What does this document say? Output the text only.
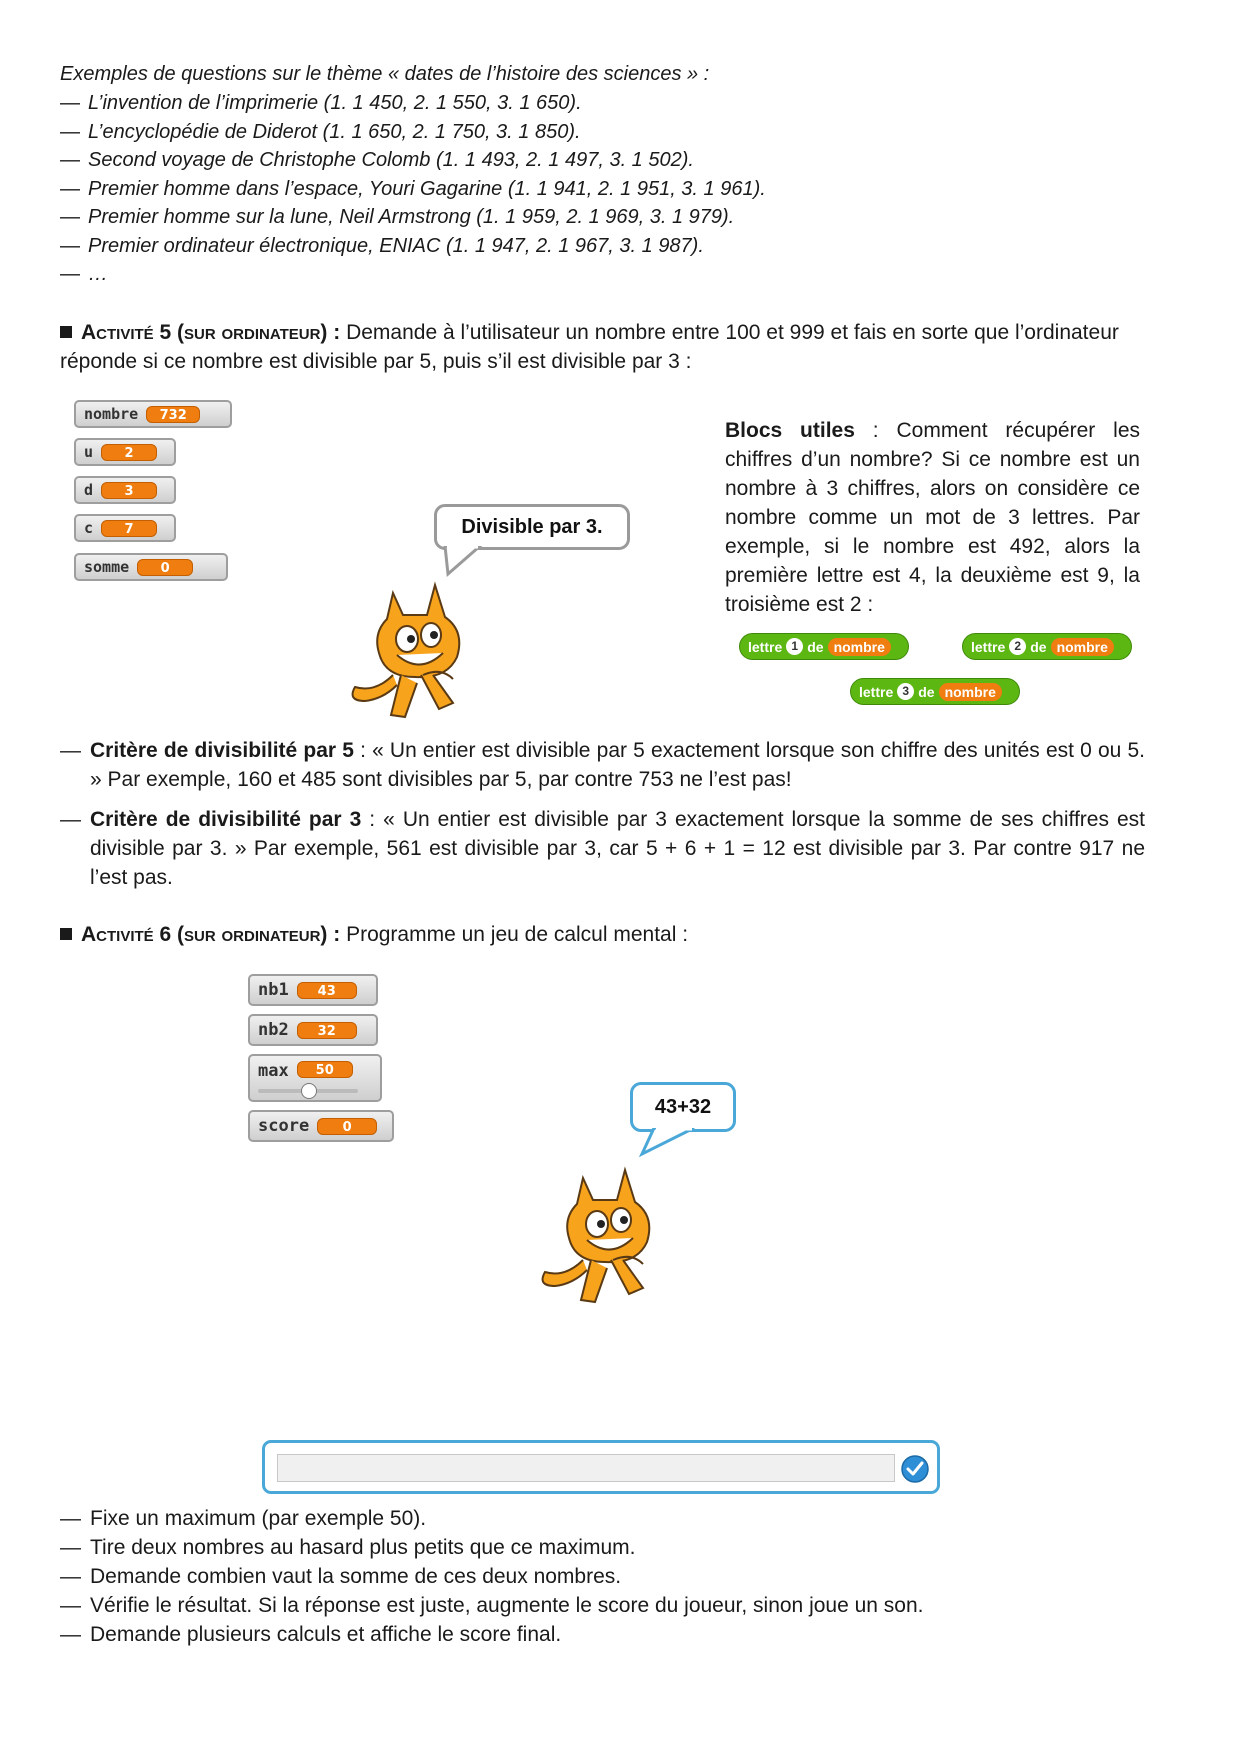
Exemples de questions sur le thème « dates de l’histoire des sciences » :
— L’invention de l’imprimerie (1. 1 450, 2. 1 550, 3. 1 650).
— L’encyclopédie de Diderot (1. 1 650, 2. 1 750, 3. 1 850).
— Second voyage de Christophe Colomb (1. 1 493, 2. 1 497, 3. 1 502).
— Premier homme dans l’espace, Youri Gagarine (1. 1 941, 2. 1 951, 3. 1 961).
— Premier homme sur la lune, Neil Armstrong (1. 1 959, 2. 1 969, 3. 1 979).
— Premier ordinateur électronique, ENIAC (1. 1 947, 2. 1 967, 3. 1 987).
— …
Activité 5 (sur ordinateur) : Demande à l’utilisateur un nombre entre 100 et 999 et fais en sorte que l’ordinateur réponde si ce nombre est divisible par 5, puis s’il est divisible par 3 :
nombre	732
u	2
d	3
c	7
somme	0
Divisible par 3.
Blocs utiles : Comment récupérer les chiffres d’un nombre? Si ce nombre est un nombre à 3 chiffres, alors on considère ce nombre comme un mot de 3 lettres. Par exemple, si le nombre est 492, alors la première lettre est 4, la deuxième est 9, la troisième est 2 :
lettre 1 de nombre	lettre 2 de nombre
lettre 3 de nombre
— Critère de divisibilité par 5 : « Un entier est divisible par 5 exactement lorsque son chiffre des unités est 0 ou 5. » Par exemple, 160 et 485 sont divisibles par 5, par contre 753 ne l’est pas!
— Critère de divisibilité par 3 : « Un entier est divisible par 3 exactement lorsque la somme de ses chiffres est divisible par 3. » Par exemple, 561 est divisible par 3, car 5 + 6 + 1 = 12 est divisible par 3. Par contre 917 ne l’est pas.
Activité 6 (sur ordinateur) : Programme un jeu de calcul mental :
nb1	43
nb2	32
max	50
score	0
43+32
— Fixe un maximum (par exemple 50).
— Tire deux nombres au hasard plus petits que ce maximum.
— Demande combien vaut la somme de ces deux nombres.
— Vérifie le résultat. Si la réponse est juste, augmente le score du joueur, sinon joue un son.
— Demande plusieurs calculs et affiche le score final.
